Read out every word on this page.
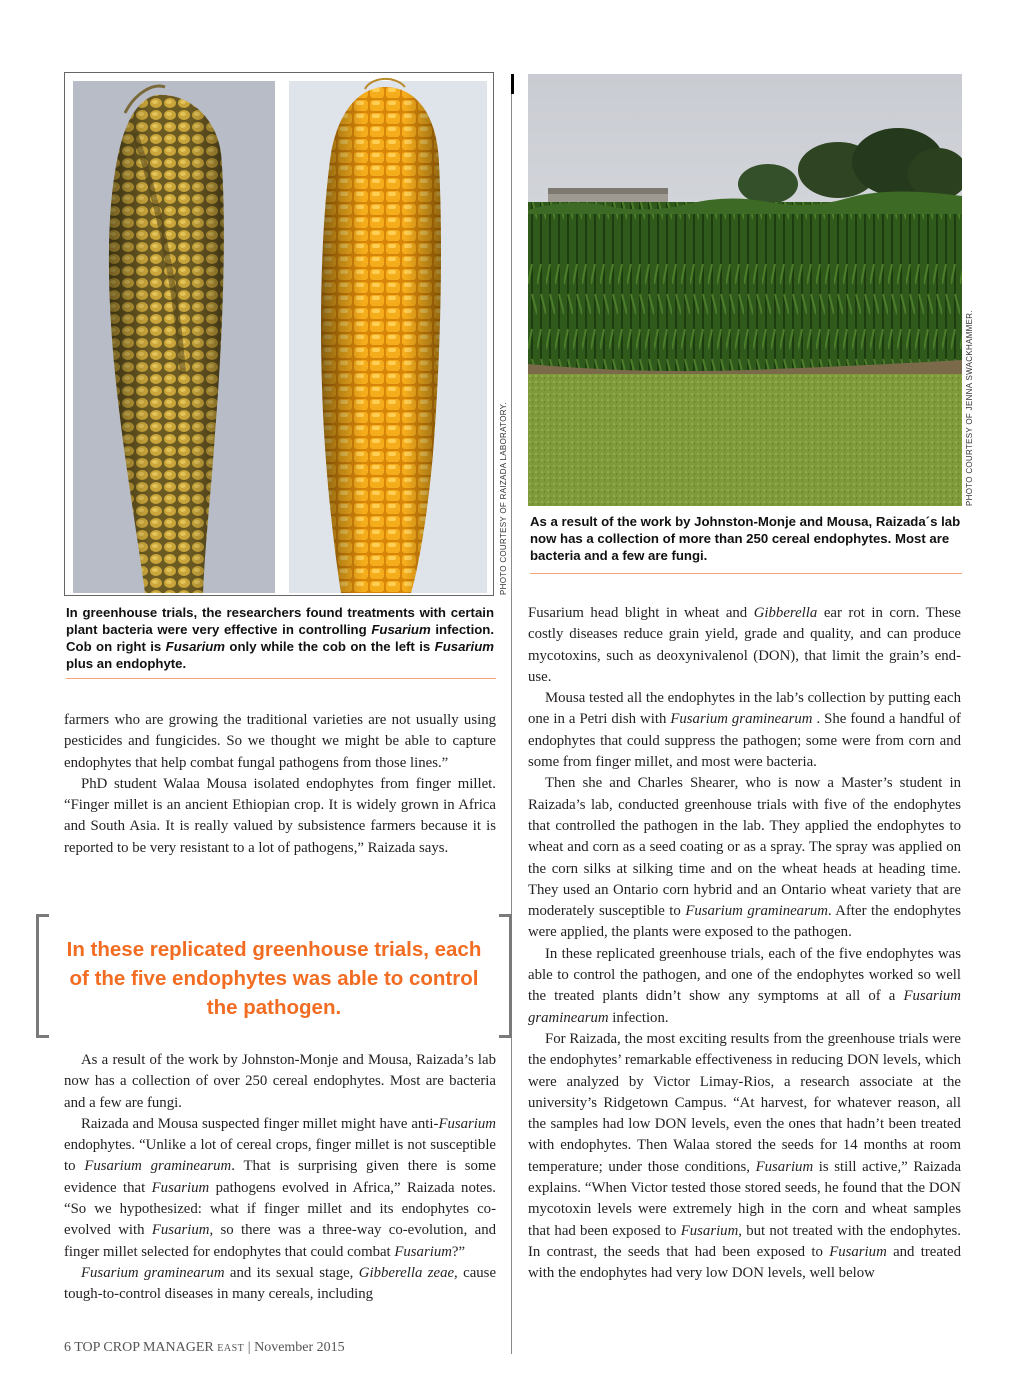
PHOTO COURTESY OF RAIZADA LABORATORY.	PHOTO COURTESY OF JENNA SWACKHAMMER.
In greenhouse trials, the researchers found treatments with certain plant bacteria were very effective in controlling Fusarium infection. Cob on right is Fusarium only while the cob on the left is Fusarium plus an endophyte.
As a result of the work by Johnston-Monje and Mousa, Raizada´s lab now has a collection of more than 250 cereal endophytes. Most are bacteria and a few are fungi.

farmers who are growing the traditional varieties are not usually using pesticides and fungicides. So we thought we might be able to capture endophytes that help combat fungal pathogens from those lines.”

PhD student Walaa Mousa isolated endophytes from finger millet. “Finger millet is an ancient Ethiopian crop. It is widely grown in Africa and South Asia. It is really valued by subsistence farmers because it is reported to be very resistant to a lot of pathogens,” Raizada says.

In these replicated greenhouse trials, each of the five endophytes was able to control the pathogen.

As a result of the work by Johnston-Monje and Mousa, Raizada’s lab now has a collection of over 250 cereal endophytes. Most are bacteria and a few are fungi.

Raizada and Mousa suspected finger millet might have anti-Fusarium endophytes. “Unlike a lot of cereal crops, finger millet is not susceptible to Fusarium graminearum. That is surprising given there is some evidence that Fusarium pathogens evolved in Africa,” Raizada notes. “So we hypothesized: what if finger millet and its endophytes co-evolved with Fusarium, so there was a three-way co-evolution, and finger millet selected for endophytes that could combat Fusarium?”

Fusarium graminearum and its sexual stage, Gibberella zeae, cause tough-to-control diseases in many cereals, including

Fusarium head blight in wheat and Gibberella ear rot in corn. These costly diseases reduce grain yield, grade and quality, and can produce mycotoxins, such as deoxynivalenol (DON), that limit the grain’s end-use.

Mousa tested all the endophytes in the lab’s collection by putting each one in a Petri dish with Fusarium graminearum . She found a handful of endophytes that could suppress the pathogen; some were from corn and some from finger millet, and most were bacteria.

Then she and Charles Shearer, who is now a Master’s student in Raizada’s lab, conducted greenhouse trials with five of the endophytes that controlled the pathogen in the lab. They applied the endophytes to wheat and corn as a seed coating or as a spray. The spray was applied on the corn silks at silking time and on the wheat heads at heading time. They used an Ontario corn hybrid and an Ontario wheat variety that are moderately susceptible to Fusarium graminearum. After the endophytes were applied, the plants were exposed to the pathogen.

In these replicated greenhouse trials, each of the five endophytes was able to control the pathogen, and one of the endophytes worked so well the treated plants didn’t show any symptoms at all of a Fusarium graminearum infection.

For Raizada, the most exciting results from the greenhouse trials were the endophytes’ remarkable effectiveness in reducing DON levels, which were analyzed by Victor Limay-Rios, a research associate at the university’s Ridgetown Campus. “At harvest, for whatever reason, all the samples had low DON levels, even the ones that hadn’t been treated with endophytes. Then Walaa stored the seeds for 14 months at room temperature; under those conditions, Fusarium is still active,” Raizada explains. “When Victor tested those stored seeds, he found that the DON mycotoxin levels were extremely high in the corn and wheat samples that had been exposed to Fusarium, but not treated with the endophytes. In contrast, the seeds that had been exposed to Fusarium and treated with the endophytes had very low DON levels, well below

6 TOP CROP MANAGER EAST | November 2015
